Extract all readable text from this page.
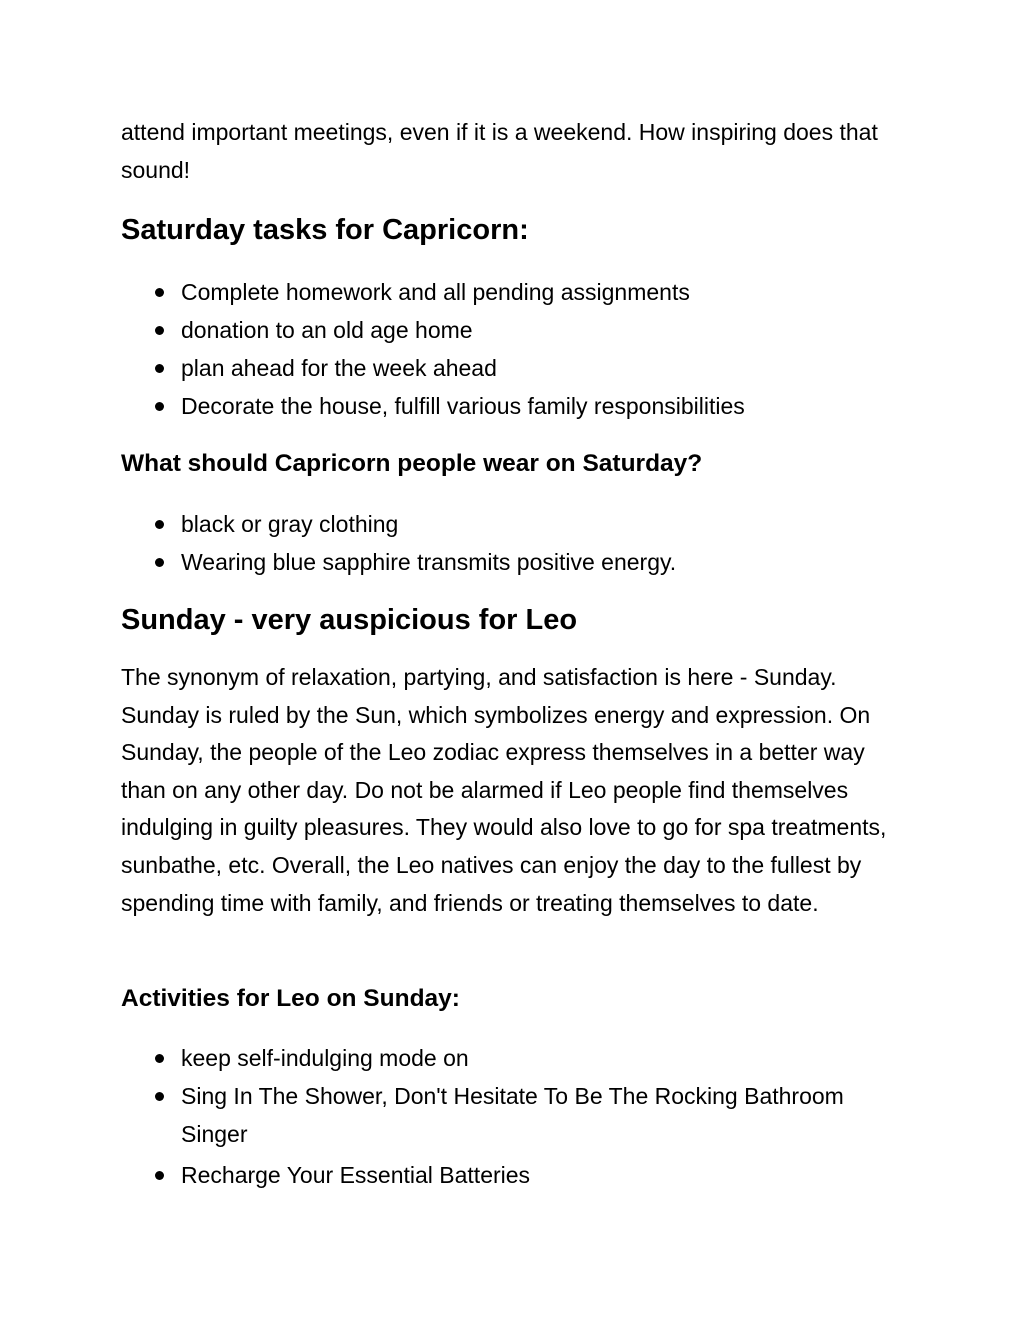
attend important meetings, even if it is a weekend. How inspiring does that sound!

Saturday tasks for Capricorn:
Complete homework and all pending assignments
donation to an old age home
plan ahead for the week ahead
Decorate the house, fulfill various family responsibilities
What should Capricorn people wear on Saturday?
black or gray clothing
Wearing blue sapphire transmits positive energy.
Sunday - very auspicious for Leo

The synonym of relaxation, partying, and satisfaction is here - Sunday. Sunday is ruled by the Sun, which symbolizes energy and expression. On Sunday, the people of the Leo zodiac express themselves in a better way than on any other day. Do not be alarmed if Leo people find themselves indulging in guilty pleasures. They would also love to go for spa treatments, sunbathe, etc. Overall, the Leo natives can enjoy the day to the fullest by spending time with family, and friends or treating themselves to date.

Activities for Leo on Sunday:
keep self-indulging mode on
Sing In The Shower, Don't Hesitate To Be The Rocking Bathroom Singer
Recharge Your Essential Batteries
